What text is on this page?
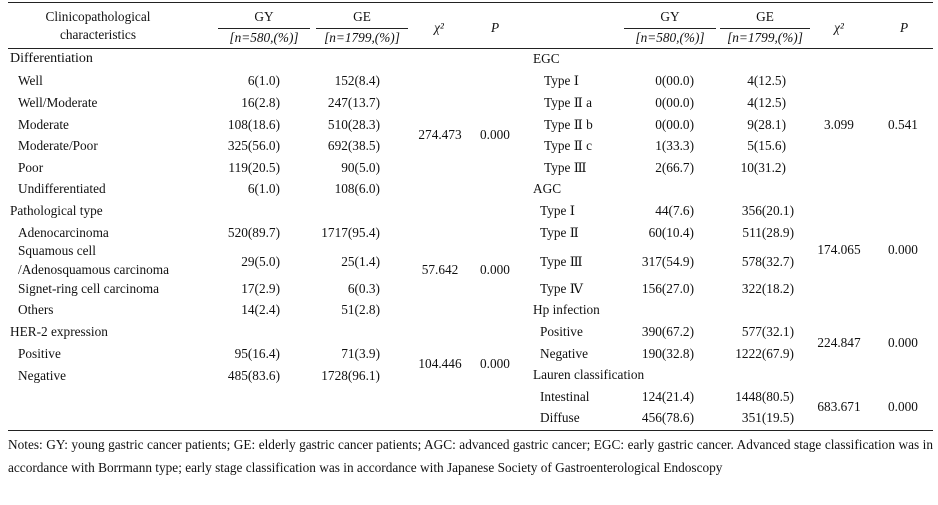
Clinicopathological
characteristics
GY	GE
[n=580,(%)]	[n=1799,(%)]
χ²	P
GY	GE
[n=580,(%)]	[n=1799,(%)]
χ²	P
Differentiation
Well	6(1.0)	152(8.4)
Well/Moderate	16(2.8)	247(13.7)
Moderate	108(18.6)	510(28.3)
Moderate/Poor	325(56.0)	692(38.5)
Poor	119(20.5)	90(5.0)
Undifferentiated	6(1.0)	108(6.0)
274.473	0.000
Pathological type
Adenocarcinoma	520(89.7)	1717(95.4)
Squamous cell
/Adenosquamous carcinoma
29(5.0)	25(1.4)
Signet-ring cell carcinoma	17(2.9)	6(0.3)
Others	14(2.4)	51(2.8)
57.642	0.000
HER-2 expression
Positive	95(16.4)	71(3.9)
Negative	485(83.6)	1728(96.1)
104.446	0.000
EGC
Type Ⅰ	0(00.0)	4(12.5)
Type Ⅱ a	0(00.0)	4(12.5)
Type Ⅱ b	0(00.0)	9(28.1)
Type Ⅱ c	1(33.3)	5(15.6)
Type Ⅲ	2(66.7)	10(31.2)
3.099	0.541
AGC
Type Ⅰ	44(7.6)	356(20.1)
Type Ⅱ	60(10.4)	511(28.9)
Type Ⅲ	317(54.9)	578(32.7)
Type Ⅳ	156(27.0)	322(18.2)
174.065	0.000
Hp infection
Positive	390(67.2)	577(32.1)
Negative	190(32.8)	1222(67.9)
224.847	0.000
Lauren classification
Intestinal	124(21.4)	1448(80.5)
Diffuse	456(78.6)	351(19.5)
683.671	0.000
Notes: GY: young gastric cancer patients; GE: elderly gastric cancer patients; AGC: advanced gastric cancer; EGC: early gastric cancer. Advanced stage classification was in accordance with Borrmann type; early stage classification was in accordance with Japanese Society of Gastroenterological Endoscopy
